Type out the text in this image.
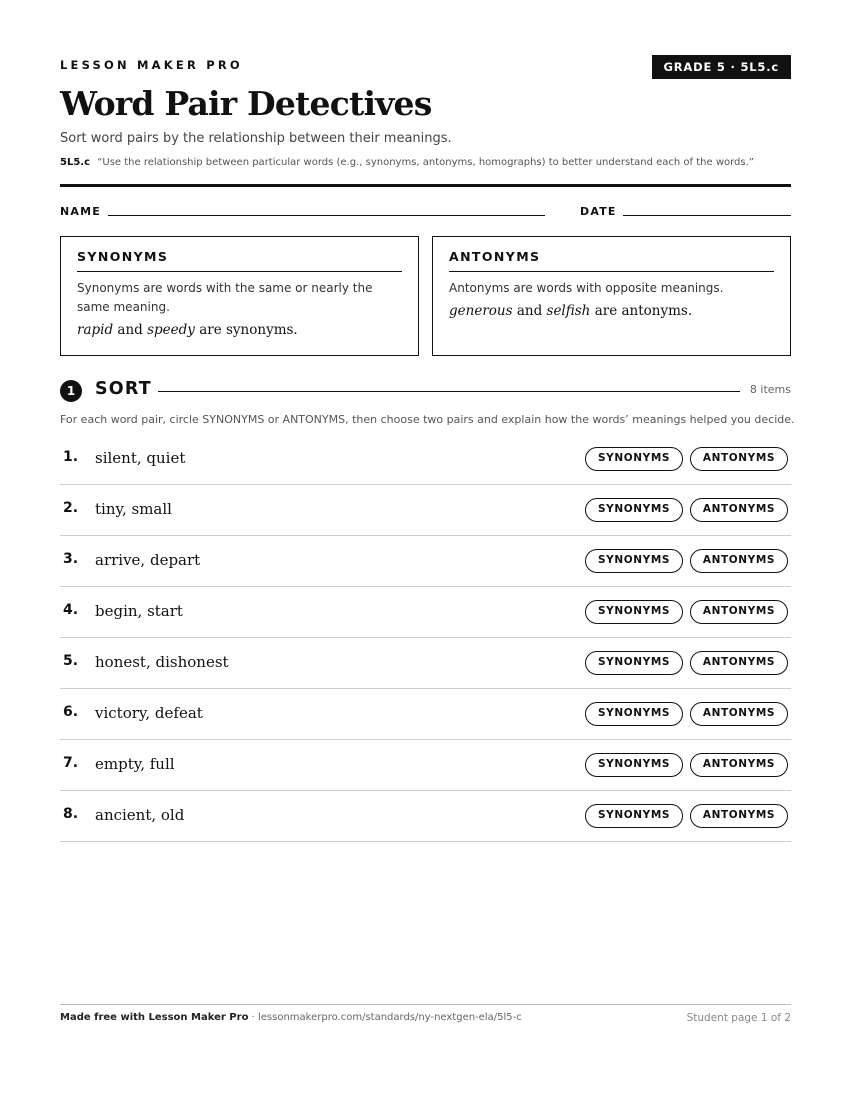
LESSON MAKER PRO	GRADE 5 · 5L5.c
Word Pair Detectives
Sort word pairs by the relationship between their meanings.
5L5.c “Use the relationship between particular words (e.g., synonyms, antonyms, homographs) to better understand each of the words.”
NAME	DATE
SYNONYMS
Synonyms are words with the same or nearly the same meaning.
rapid and speedy are synonyms.
ANTONYMS
Antonyms are words with opposite meanings.
generous and selfish are antonyms.
1	SORT	8 items
For each word pair, circle SYNONYMS or ANTONYMS, then choose two pairs and explain how the words’ meanings helped you decide.
1. silent, quiet	SYNONYMS	ANTONYMS
2. tiny, small	SYNONYMS	ANTONYMS
3. arrive, depart	SYNONYMS	ANTONYMS
4. begin, start	SYNONYMS	ANTONYMS
5. honest, dishonest	SYNONYMS	ANTONYMS
6. victory, defeat	SYNONYMS	ANTONYMS
7. empty, full	SYNONYMS	ANTONYMS
8. ancient, old	SYNONYMS	ANTONYMS
Made free with Lesson Maker Pro · lessonmakerpro.com/standards/ny-nextgen-ela/5l5-c	Student page 1 of 2
